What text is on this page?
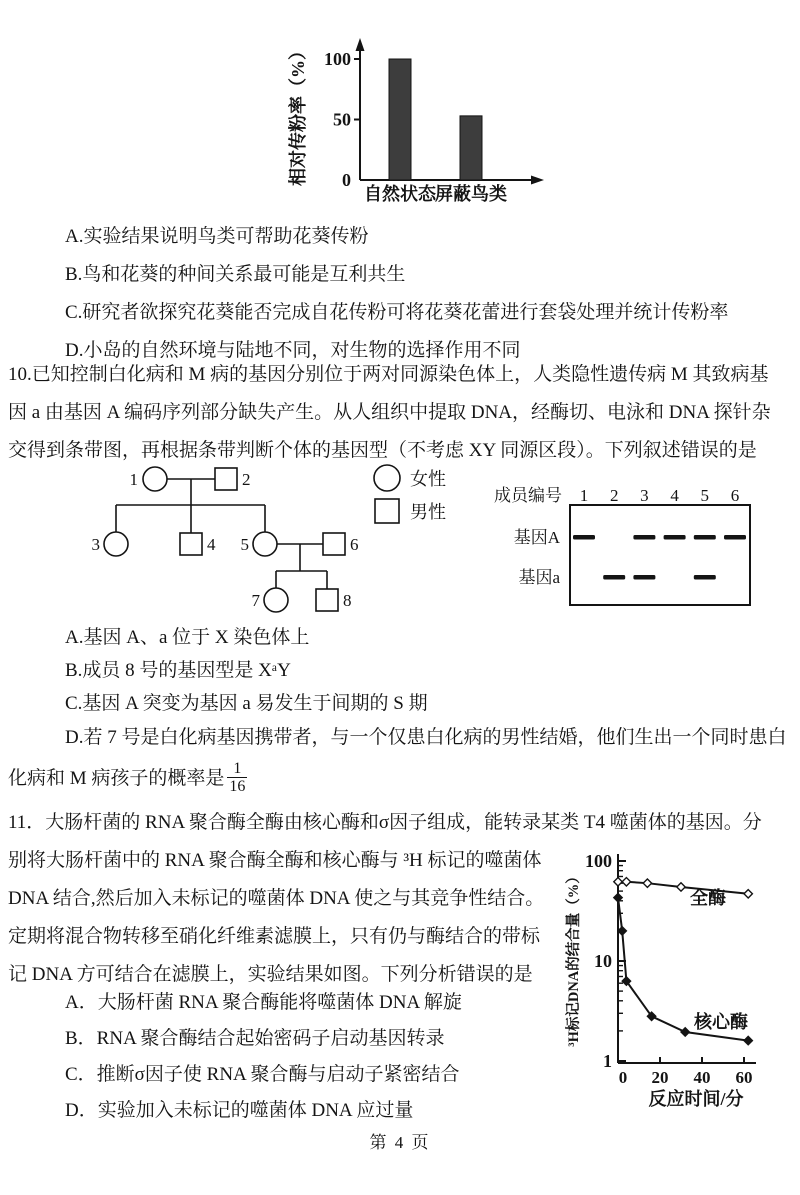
0
50
100
相对传粉率（%）
自然状态 屏蔽鸟类
A.实验结果说明鸟类可帮助花葵传粉
B.鸟和花葵的种间关系最可能是互利共生
C.研究者欲探究花葵能否完成自花传粉可将花葵花蕾进行套袋处理并统计传粉率
D.小岛的自然环境与陆地不同，对生物的选择作用不同
10.已知控制白化病和 M 病的基因分别位于两对同源染色体上，人类隐性遗传病 M 其致病基
因 a 由基因 A 编码序列部分缺失产生。从人组织中提取 DNA，经酶切、电泳和 DNA 探针杂
交得到条带图，再根据条带判断个体的基因型（不考虑 XY 同源区段）。下列叙述错误的是
1	2
3	4 5	6
7	8
女性
男性
成员编号
基因A
基因a
1 2 3 4 5 6
A.基因 A、a 位于 X 染色体上
B.成员 8 号的基因型是 XᵃY
C.基因 A 突变为基因 a 易发生于间期的 S 期
D.若 7 号是白化病基因携带者，与一个仅患白化病的男性结婚，他们生出一个同时患白
化病和 M 病孩子的概率是 $\frac{1}{16}$
11．大肠杆菌的 RNA 聚合酶全酶由核心酶和σ因子组成，能转录某类 T4 噬菌体的基因。分
别将大肠杆菌中的 RNA 聚合酶全酶和核心酶与 ³H 标记的噬菌体
DNA 结合,然后加入未标记的噬菌体 DNA 使之与其竞争性结合。
定期将混合物转移至硝化纤维素滤膜上，只有仍与酶结合的带标
记 DNA 方可结合在滤膜上，实验结果如图。下列分析错误的是
1
10
100
0 20 40 60
反应时间/分
³H标记DNA的结合量（%）	全酶
核心酶
A．大肠杆菌 RNA 聚合酶能将噬菌体 DNA 解旋
B．RNA 聚合酶结合起始密码子启动基因转录
C．推断σ因子使 RNA 聚合酶与启动子紧密结合
D．实验加入未标记的噬菌体 DNA 应过量
第 4 页
